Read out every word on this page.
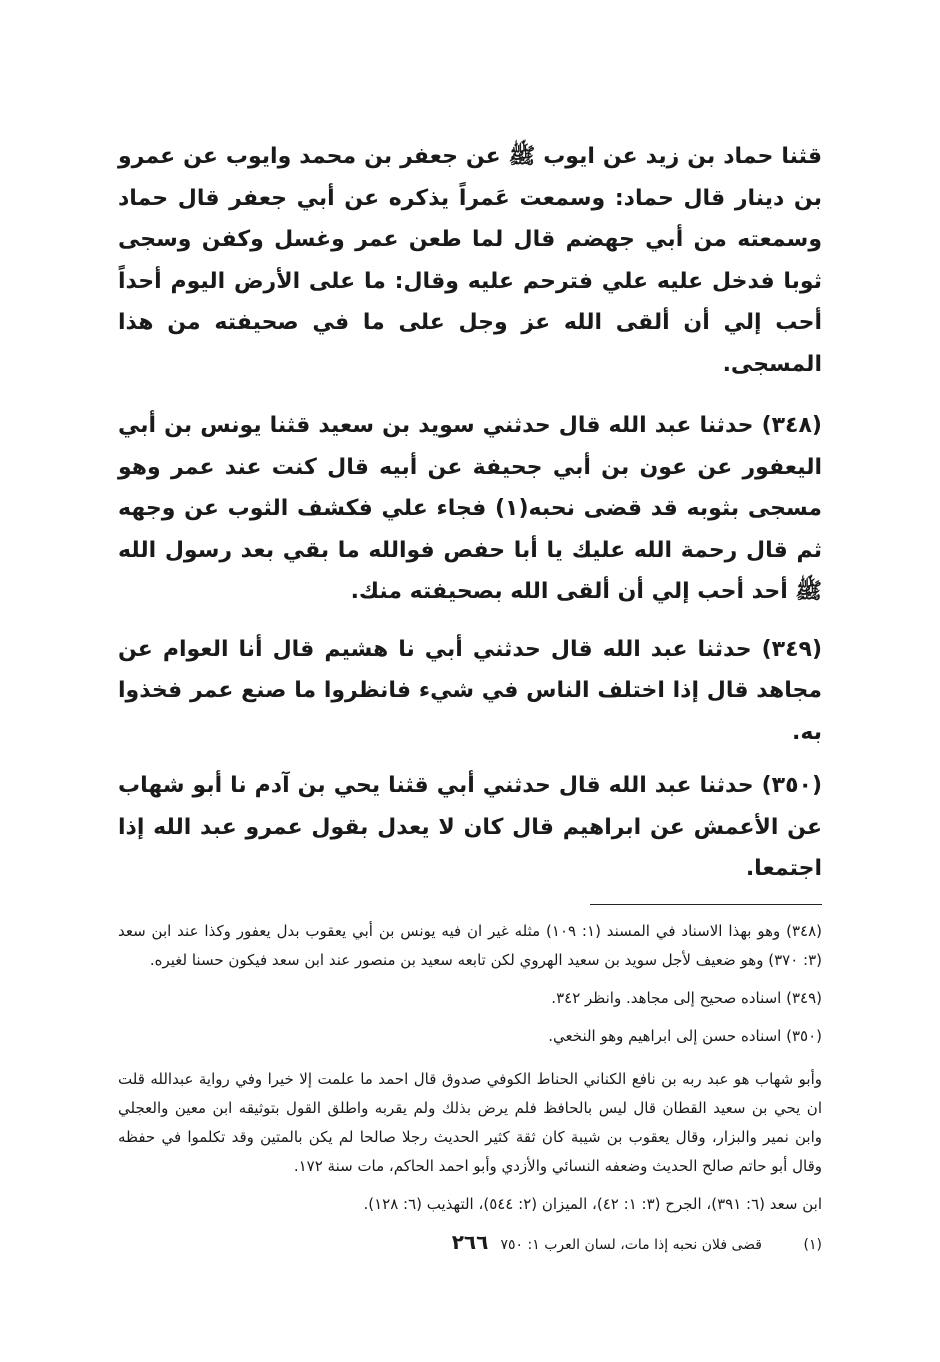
قثنا حماد بن زيد عن ايوب ﷺ عن جعفر بن محمد وايوب عن عمرو بن دينار قال حماد: وسمعت عَمراً يذكره عن أبي جعفر قال حماد وسمعته من أبي جهضم قال لما طعن عمر وغسل وكفن وسجى ثوبا فدخل عليه علي فترحم عليه وقال: ما على الأرض اليوم أحداً أحب إلي أن ألقى الله عز وجل على ما في صحيفته من هذا المسجى.

(٣٤٨) حدثنا عبد الله قال حدثني سويد بن سعيد قثنا يونس بن أبي اليعفور عن عون بن أبي جحيفة عن أبيه قال كنت عند عمر وهو مسجى بثوبه قد قضى نحبه(١) فجاء علي فكشف الثوب عن وجهه ثم قال رحمة الله عليك يا أبا حفص فوالله ما بقي بعد رسول الله ﷺ أحد أحب إلي أن ألقى الله بصحيفته منك.

(٣٤٩) حدثنا عبد الله قال حدثني أبي نا هشيم قال أنا العوام عن مجاهد قال إذا اختلف الناس في شيء فانظروا ما صنع عمر فخذوا به.

(٣٥٠) حدثنا عبد الله قال حدثني أبي قثنا يحي بن آدم نا أبو شهاب عن الأعمش عن ابراهيم قال كان لا يعدل بقول عمرو عبد الله إذا اجتمعا.

(٣٤٨) وهو بهذا الاسناد في المسند (١: ١٠٩) مثله غير ان فيه يونس بن أبي يعقوب بدل يعفور وكذا عند ابن سعد (٣: ٣٧٠) وهو ضعيف لأجل سويد بن سعيد الهروي لكن تابعه سعيد بن منصور عند ابن سعد فيكون حسنا لغيره.

(٣٤٩) اسناده صحيح إلى مجاهد. وانظر ٣٤٢.

(٣٥٠) اسناده حسن إلى ابراهيم وهو النخعي.

وأبو شهاب هو عبد ربه بن نافع الكناني الحناط الكوفي صدوق قال احمد ما علمت إلا خيرا وفي رواية عبدالله قلت ان يحي بن سعيد القطان قال ليس بالحافظ فلم يرض بذلك ولم يقربه واطلق القول بتوثيقه ابن معين والعجلي وابن نمير والبزار، وقال يعقوب بن شيبة كان ثقة كثير الحديث رجلا صالحا لم يكن بالمتين وقد تكلموا في حفظه وقال أبو حاتم صالح الحديث وضعفه النسائي والأزدي وأبو احمد الحاكم، مات سنة ١٧٢.

ابن سعد (٦: ٣٩١)، الجرح (٣: ١: ٤٢)، الميزان (٢: ٥٤٤)، التهذيب (٦: ١٢٨).

(١)
قضى فلان نحبه إذا مات، لسان العرب ١: ٧٥٠
٢٦٦
